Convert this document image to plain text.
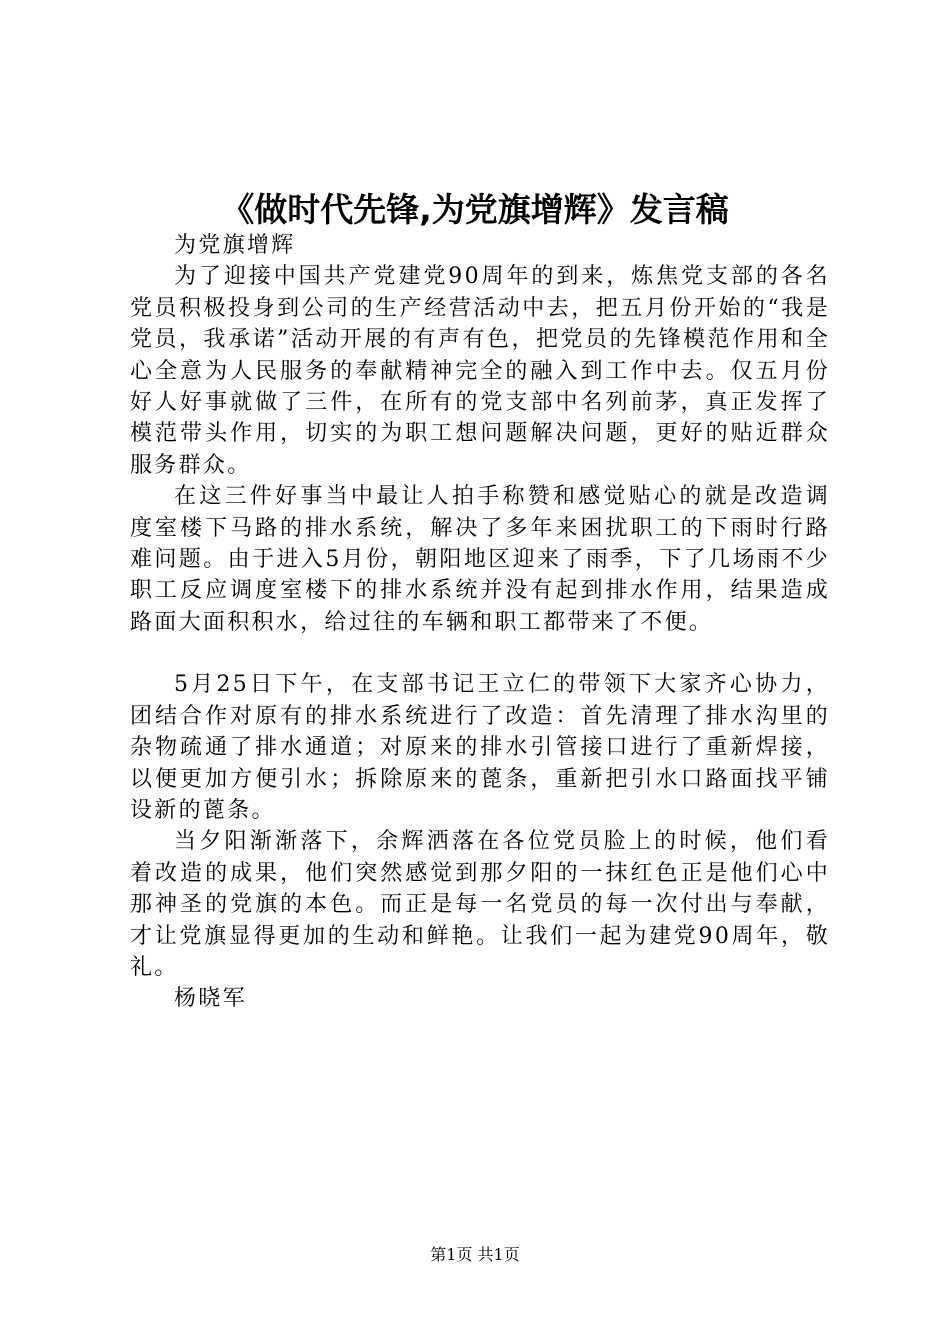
《做时代先锋,为党旗增辉》发言稿

为党旗增辉

为了迎接中国共产党建党90周年的到来，炼焦党支部的各名党员积极投身到公司的生产经营活动中去，把五月份开始的“我是党员，我承诺”活动开展的有声有色，把党员的先锋模范作用和全心全意为人民服务的奉献精神完全的融入到工作中去。仅五月份好人好事就做了三件，在所有的党支部中名列前茅，真正发挥了模范带头作用，切实的为职工想问题解决问题，更好的贴近群众服务群众。

在这三件好事当中最让人拍手称赞和感觉贴心的就是改造调度室楼下马路的排水系统，解决了多年来困扰职工的下雨时行路难问题。由于进入5月份，朝阳地区迎来了雨季，下了几场雨不少职工反应调度室楼下的排水系统并没有起到排水作用，结果造成路面大面积积水，给过往的车辆和职工都带来了不便。

5月25日下午，在支部书记王立仁的带领下大家齐心协力，团结合作对原有的排水系统进行了改造：首先清理了排水沟里的杂物疏通了排水通道；对原来的排水引管接口进行了重新焊接，以便更加方便引水；拆除原来的蓖条，重新把引水口路面找平铺设新的蓖条。

当夕阳渐渐落下，余辉洒落在各位党员脸上的时候，他们看着改造的成果，他们突然感觉到那夕阳的一抹红色正是他们心中那神圣的党旗的本色。而正是每一名党员的每一次付出与奉献，才让党旗显得更加的生动和鲜艳。让我们一起为建党90周年，敬礼。

杨晓军

第1页 共1页
